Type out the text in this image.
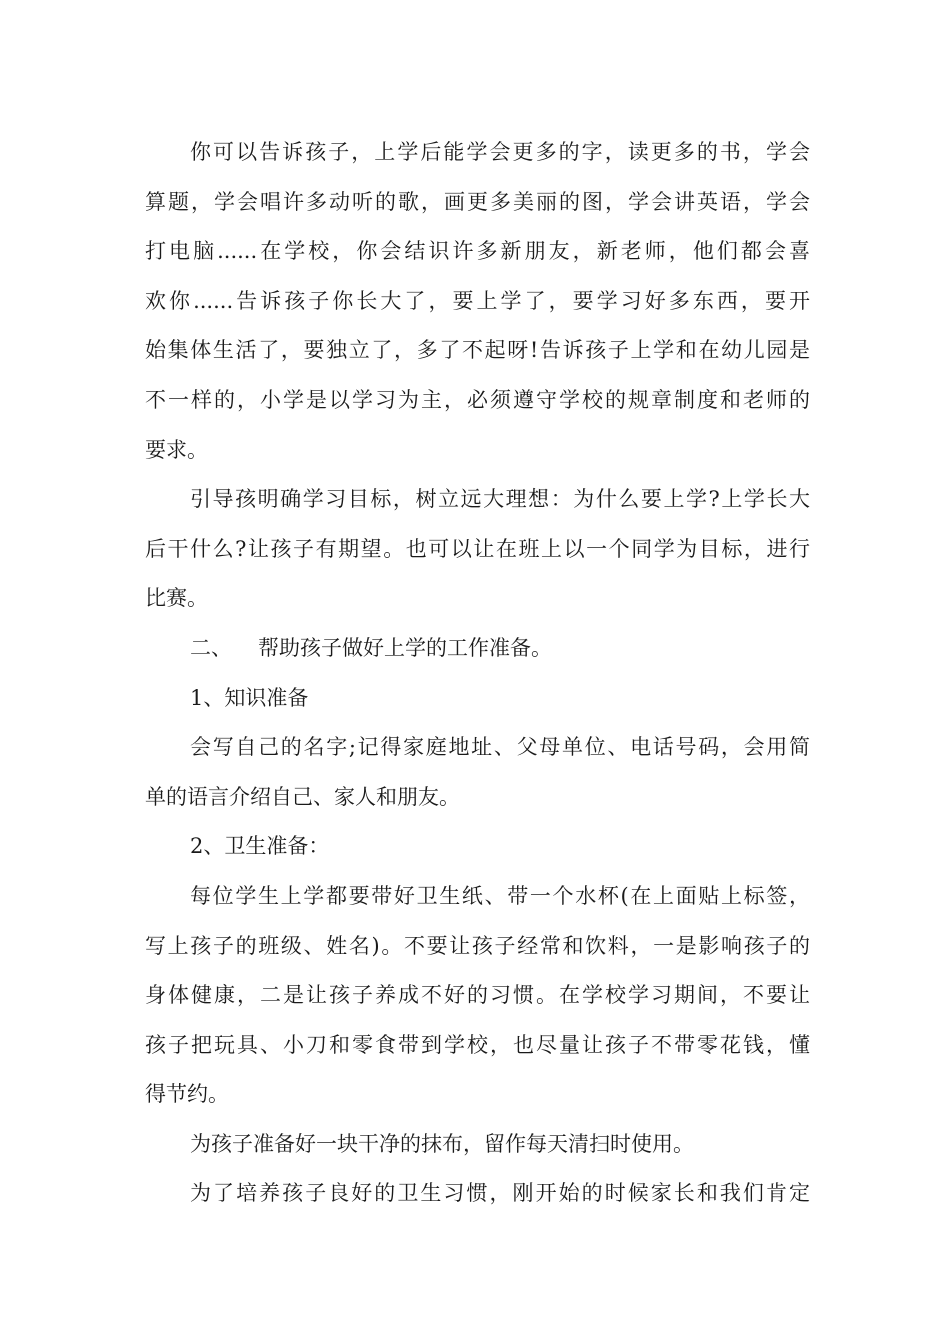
你可以告诉孩子，上学后能学会更多的字，读更多的书，学会
算题，学会唱许多动听的歌，画更多美丽的图，学会讲英语，学会
打电脑......在学校，你会结识许多新朋友，新老师，他们都会喜
欢你......告诉孩子你长大了，要上学了，要学习好多东西，要开
始集体生活了，要独立了，多了不起呀!告诉孩子上学和在幼儿园是
不一样的，小学是以学习为主，必须遵守学校的规章制度和老师的
要求。
引导孩明确学习目标，树立远大理想：为什么要上学?上学长大
后干什么?让孩子有期望。也可以让在班上以一个同学为目标，进行
比赛。
二、 帮助孩子做好上学的工作准备。
1、知识准备
会写自己的名字;记得家庭地址、父母单位、电话号码，会用简
单的语言介绍自己、家人和朋友。
2、卫生准备：
每位学生上学都要带好卫生纸、带一个水杯(在上面贴上标签，
写上孩子的班级、姓名)。不要让孩子经常和饮料，一是影响孩子的
身体健康，二是让孩子养成不好的习惯。在学校学习期间，不要让
孩子把玩具、小刀和零食带到学校，也尽量让孩子不带零花钱，懂
得节约。
为孩子准备好一块干净的抹布，留作每天清扫时使用。
为了培养孩子良好的卫生习惯，刚开始的时候家长和我们肯定
